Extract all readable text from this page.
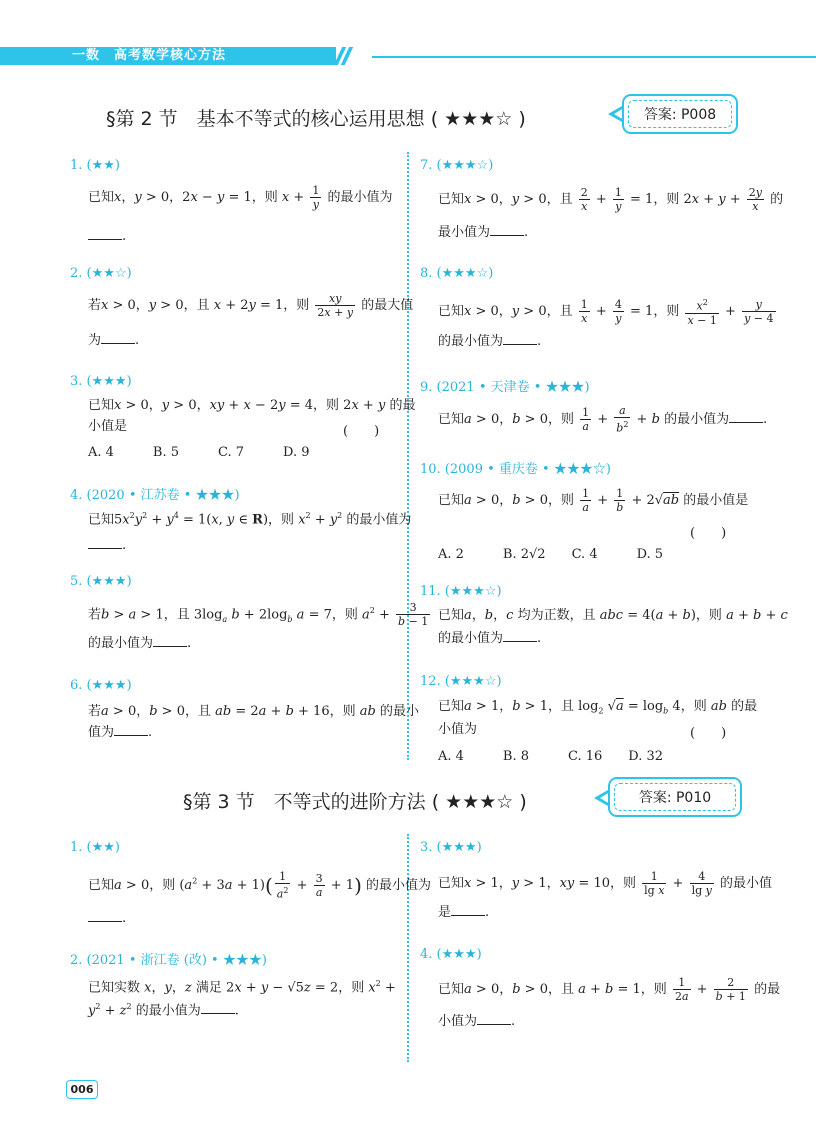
一数　高考数学核心方法
§第 2 节　基本不等式的核心运用思想 ( ★★★☆ )	答案: P008
1. (★★)
已知x，y > 0，2x − y = 1，则 $x + \frac{1}{y}$ 的最小值为
.
2. (★★☆)
若x > 0，y > 0，且 x + 2y = 1，则 $\frac{xy}{2x + y}$ 的最大值
为	.
3. (★★★)
已知x > 0，y > 0，xy + x − 2y = 4，则 2x + y 的最
小值是	(　　)
A. 4　　　B. 5　　　C. 7　　　D. 9
4. (2020 • 江苏卷 • ★★★)
已知$5x^2y^2 + y^4 = 1(x$, y ∈ R)，则 $x^2 + y^2$ 的最小值为
.
5. (★★★)
若b > a > 1，且 $3\log_a$ $b + 2\log_b$ a = 7，则 $a^2 + \frac{3}{b - 1}$
的最小值为	.
6. (★★★)
若a > 0，b > 0，且 ab = 2a + b + 16，则 ab 的最小
值为	.
7. (★★★☆)
已知x > 0，y > 0，且 $\frac{2}{x} + \frac{1}{y} = 1$，则 $2x + y + \frac{2y}{x}$ 的
最小值为	.
8. (★★★☆)
已知x > 0，y > 0，且 $\frac{1}{x} + \frac{4}{y} = 1$，则 $\frac{x^2}{x - 1} + \frac{y}{y - 4}$
的最小值为	.
9. (2021 • 天津卷 • ★★★)
已知a > 0，b > 0，则 $\frac{1}{a} + \frac{a}{b^2} + b$ 的最小值为	.
10. (2009 • 重庆卷 • ★★★☆)
已知a > 0，b > 0，则 $\frac{1}{a} + \frac{1}{b} + 2√ab$ 的最小值是
(　　)
A. 2　　　B. 2√2　　C. 4　　　D. 5
11. (★★★☆)
已知a，b，c 均为正数，且 abc = 4(a + b)，则 a + b + c
的最小值为	.
12. (★★★☆)
已知a > 1，b > 1，且 $\log_2 √a = \log_b 4$，则 ab 的最
小值为	(　　)
A. 4　　　B. 8　　　C. 16　　D. 32
§第 3 节　不等式的进阶方法 ( ★★★☆ )	答案: P010
1. (★★)
已知a > 0，则 $(a^2 + 3a + 1)( \frac{1}{a^2} + \frac{3}{a} + 1)$ 的最小值为
.
2. (2021 • 浙江卷 (改) • ★★★)
已知实数 x，y，z 满足 2x + y − √5z = 2，则 $x^2$ +
$y^2 + z^2$ 的最小值为	.
3. (★★★)
已知x > 1，y > 1，xy = 10，则 $\frac{1}{\text{lg x}} + \frac{4}{\text{lg y}}$ 的最小值
是	.
4. (★★★)
已知a > 0，b > 0，且 a + b = 1，则 $\frac{1}{2a} + \frac{2}{b + 1}$ 的最
小值为	.
006
